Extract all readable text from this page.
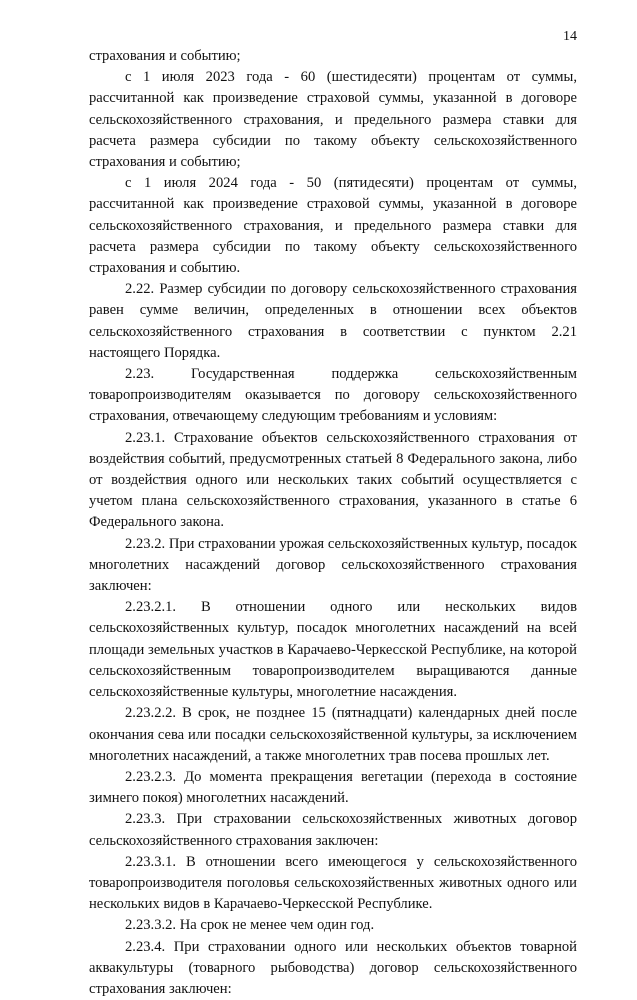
14

страхования и событию;

с 1 июля 2023 года - 60 (шестидесяти) процентам от суммы, рассчитанной как произведение страховой суммы, указанной в договоре сельскохозяйственного страхования, и предельного размера ставки для расчета размера субсидии по такому объекту сельскохозяйственного страхования и событию;

с 1 июля 2024 года - 50 (пятидесяти) процентам от суммы, рассчитанной как произведение страховой суммы, указанной в договоре сельскохозяйственного страхования, и предельного размера ставки для расчета размера субсидии по такому объекту сельскохозяйственного страхования и событию.

2.22. Размер субсидии по договору сельскохозяйственного страхования равен сумме величин, определенных в отношении всех объектов сельскохозяйственного страхования в соответствии с пунктом 2.21 настоящего Порядка.

2.23. Государственная поддержка сельскохозяйственным товаропроизводителям оказывается по договору сельскохозяйственного страхования, отвечающему следующим требованиям и условиям:

2.23.1. Страхование объектов сельскохозяйственного страхования от воздействия событий, предусмотренных статьей 8 Федерального закона, либо от воздействия одного или нескольких таких событий осуществляется с учетом плана сельскохозяйственного страхования, указанного в статье 6 Федерального закона.

2.23.2. При страховании урожая сельскохозяйственных культур, посадок многолетних насаждений договор сельскохозяйственного страхования заключен:

2.23.2.1. В отношении одного или нескольких видов сельскохозяйственных культур, посадок многолетних насаждений на всей площади земельных участков в Карачаево-Черкесской Республике, на которой сельскохозяйственным товаропроизводителем выращиваются данные сельскохозяйственные культуры, многолетние насаждения.

2.23.2.2. В срок, не позднее 15 (пятнадцати) календарных дней после окончания сева или посадки сельскохозяйственной культуры, за исключением многолетних насаждений, а также многолетних трав посева прошлых лет.

2.23.2.3. До момента прекращения вегетации (перехода в состояние зимнего покоя) многолетних насаждений.

2.23.3. При страховании сельскохозяйственных животных договор сельскохозяйственного страхования заключен:

2.23.3.1. В отношении всего имеющегося у сельскохозяйственного товаропроизводителя поголовья сельскохозяйственных животных одного или нескольких видов в Карачаево-Черкесской Республике.

2.23.3.2. На срок не менее чем один год.

2.23.4. При страховании одного или нескольких объектов товарной аквакультуры (товарного рыбоводства) договор сельскохозяйственного страхования заключен:
